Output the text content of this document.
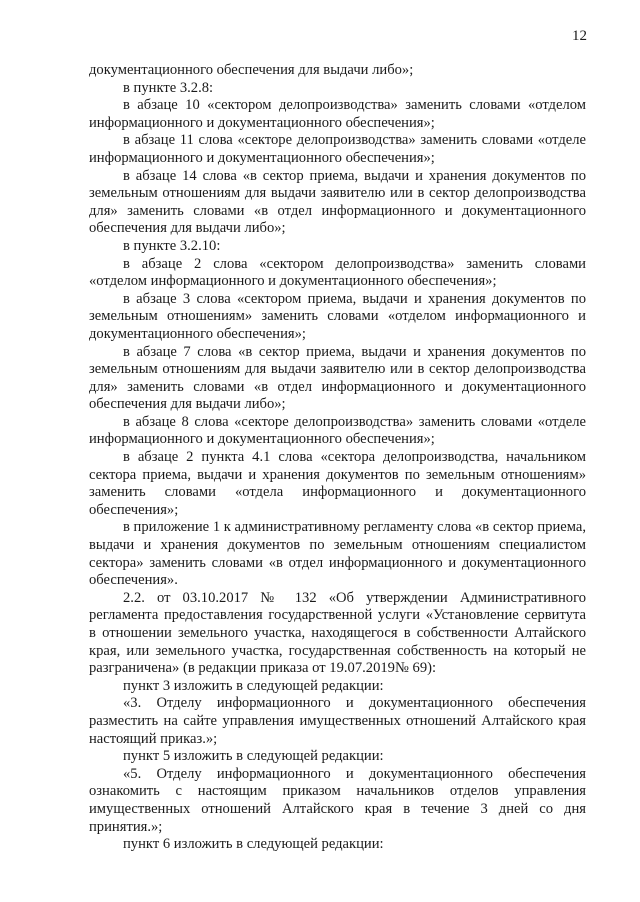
12

документационного обеспечения для выдачи либо»;

в пункте 3.2.8:

в абзаце 10 «сектором делопроизводства» заменить словами «отделом информационного и документационного обеспечения»;

в абзаце 11 слова «секторе делопроизводства» заменить словами «отделе информационного и документационного обеспечения»;

в абзаце 14 слова «в сектор приема, выдачи и хранения документов по земельным отношениям для выдачи заявителю или в сектор делопроизводства для» заменить словами «в отдел информационного и документационного обеспечения для выдачи либо»;

в пункте 3.2.10:

в абзаце 2 слова «сектором делопроизводства» заменить словами «отделом информационного и документационного обеспечения»;

в абзаце 3 слова «сектором приема, выдачи и хранения документов по земельным отношениям» заменить словами «отделом информационного и документационного обеспечения»;

в абзаце 7 слова «в сектор приема, выдачи и хранения документов по земельным отношениям для выдачи заявителю или в сектор делопроизводства для» заменить словами «в отдел информационного и документационного обеспечения для выдачи либо»;

в абзаце 8 слова «секторе делопроизводства» заменить словами «отделе информационного и документационного обеспечения»;

в абзаце 2 пункта 4.1 слова «сектора делопроизводства, начальником сектора приема, выдачи и хранения документов по земельным отношениям» заменить словами «отдела информационного и документационного обеспечения»;

в приложение 1 к административному регламенту слова «в сектор приема, выдачи и хранения документов по земельным отношениям специалистом сектора» заменить словами «в отдел информационного и документационного обеспечения».

2.2. от 03.10.2017 № 132 «Об утверждении Административного регламента предоставления государственной услуги «Установление сервитута в отношении земельного участка, находящегося в собственности Алтайского края, или земельного участка, государственная собственность на который не разграничена» (в редакции приказа от 19.07.2019№ 69):

пункт 3 изложить в следующей редакции:

«3. Отделу информационного и документационного обеспечения разместить на сайте управления имущественных отношений Алтайского края настоящий приказ.»;

пункт 5 изложить в следующей редакции:

«5. Отделу информационного и документационного обеспечения ознакомить с настоящим приказом начальников отделов управления имущественных отношений Алтайского края в течение 3 дней со дня принятия.»;

пункт 6 изложить в следующей редакции:
